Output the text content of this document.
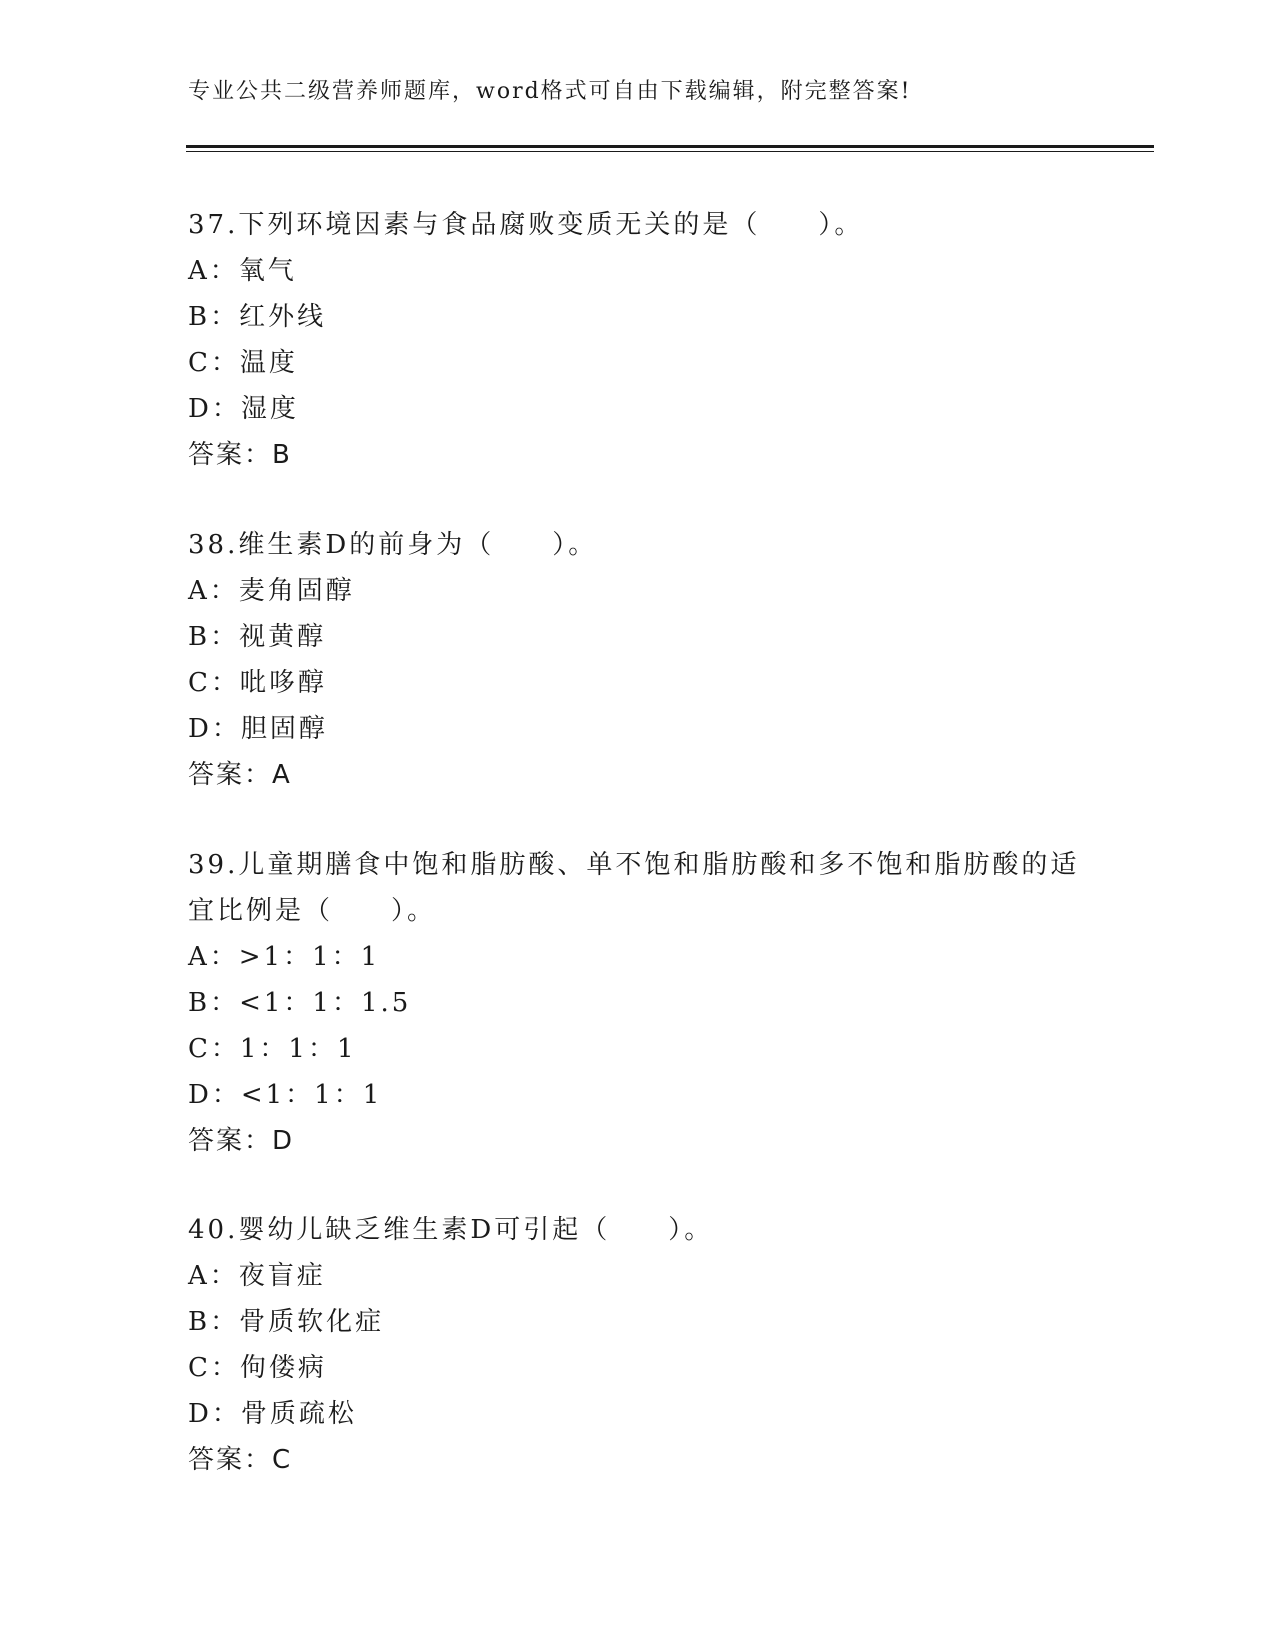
专业公共二级营养师题库，word格式可自由下载编辑，附完整答案!

37.下列环境因素与食品腐败变质无关的是（　　）。

A：氧气
B：红外线
C：温度
D：湿度
答案：B

38.维生素D的前身为（　　）。

A：麦角固醇
B：视黄醇
C：吡哆醇
D：胆固醇
答案：A

39.儿童期膳食中饱和脂肪酸、单不饱和脂肪酸和多不饱和脂肪酸的适宜比例是（　　）。

A：>1：1：1
B：<1：1：1.5
C：1：1：1
D：<1：1：1
答案：D

40.婴幼儿缺乏维生素D可引起（　　）。

A：夜盲症
B：骨质软化症
C：佝偻病
D：骨质疏松
答案：C
